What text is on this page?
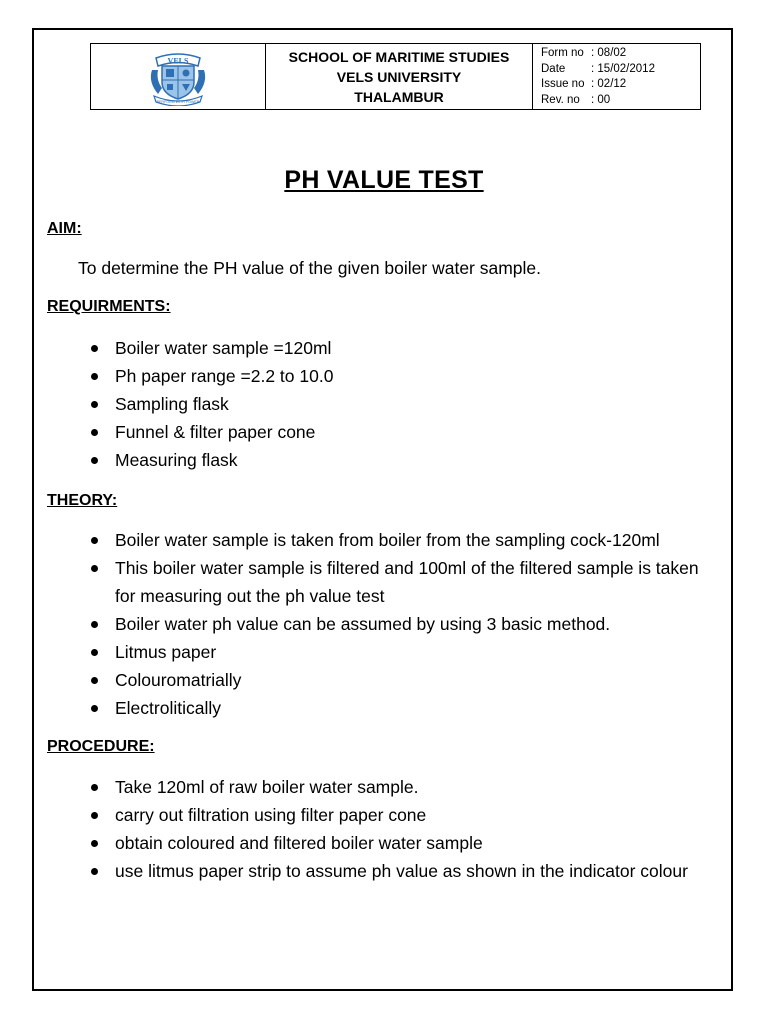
VELS
PERFORM WITH POWER
SCHOOL OF MARITIME STUDIES
VELS UNIVERSITY
THALAMBUR
Form no :
08/02
Date	:
15/02/2012
Issue no :
02/12
Rev. no :
00
PH VALUE TEST
AIM:
To determine the PH value of the given boiler water sample.
REQUIRMENTS:
Boiler water sample =120ml
Ph paper range =2.2 to 10.0
Sampling flask
Funnel & filter paper cone
Measuring flask
THEORY:
Boiler water sample is taken from boiler from the sampling cock-120ml
This boiler water sample is filtered and 100ml of the filtered sample is taken for measuring out the ph value test
Boiler water ph value can be assumed by using 3 basic method.
Litmus paper
Colouromatrially
Electrolitically
PROCEDURE:
Take 120ml of raw boiler water sample.
carry out filtration using filter paper cone
obtain coloured and filtered boiler water sample
use litmus paper strip to assume ph value as shown in the indicator colour
